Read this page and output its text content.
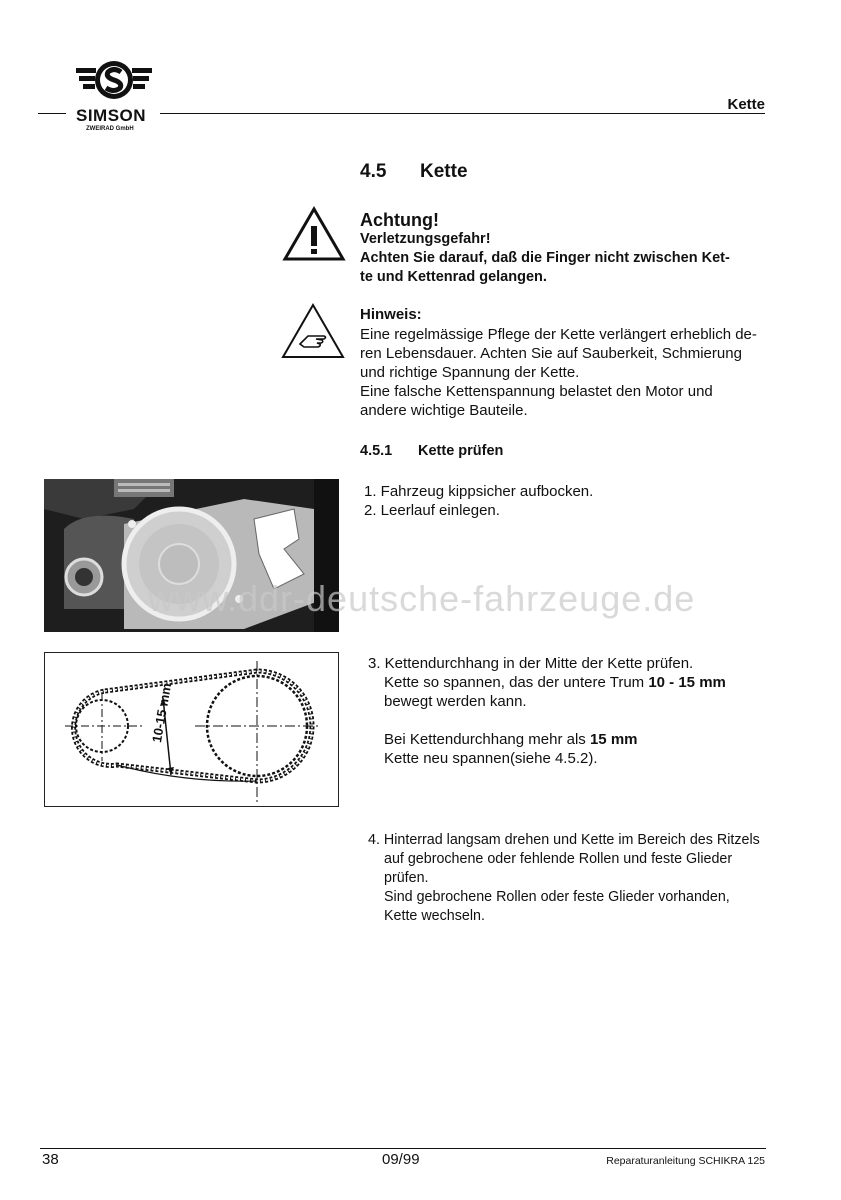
SIMSON
ZWEIRAD GmbH
Kette
4.5 Kette
Achtung!
Verletzungsgefahr!
Achten Sie darauf, daß die Finger nicht zwischen Ket-
te und Kettenrad gelangen.
Hinweis:
Eine regelmässige Pflege der Kette verlängert erheblich de-
ren Lebensdauer. Achten Sie auf Sauberkeit, Schmierung
und richtige Spannung der Kette.
Eine falsche Kettenspannung belastet den Motor und
andere wichtige Bauteile.
4.5.1 Kette prüfen
1. Fahrzeug kippsicher aufbocken.
2. Leerlauf einlegen.
10-15 mm
3. Kettendurchhang in der Mitte der Kette prüfen.
Kette so spannen, das der untere Trum 10 - 15 mm
bewegt werden kann.
Bei Kettendurchhang mehr als 15 mm
Kette neu spannen(siehe 4.5.2).
4. Hinterrad langsam drehen und Kette im Bereich des Ritzels
auf gebrochene oder fehlende Rollen und feste Glieder
prüfen.
Sind gebrochene Rollen oder feste Glieder vorhanden,
Kette wechseln.
www.ddr-deutsche-fahrzeuge.de
38	09/99	Reparaturanleitung SCHIKRA 125
